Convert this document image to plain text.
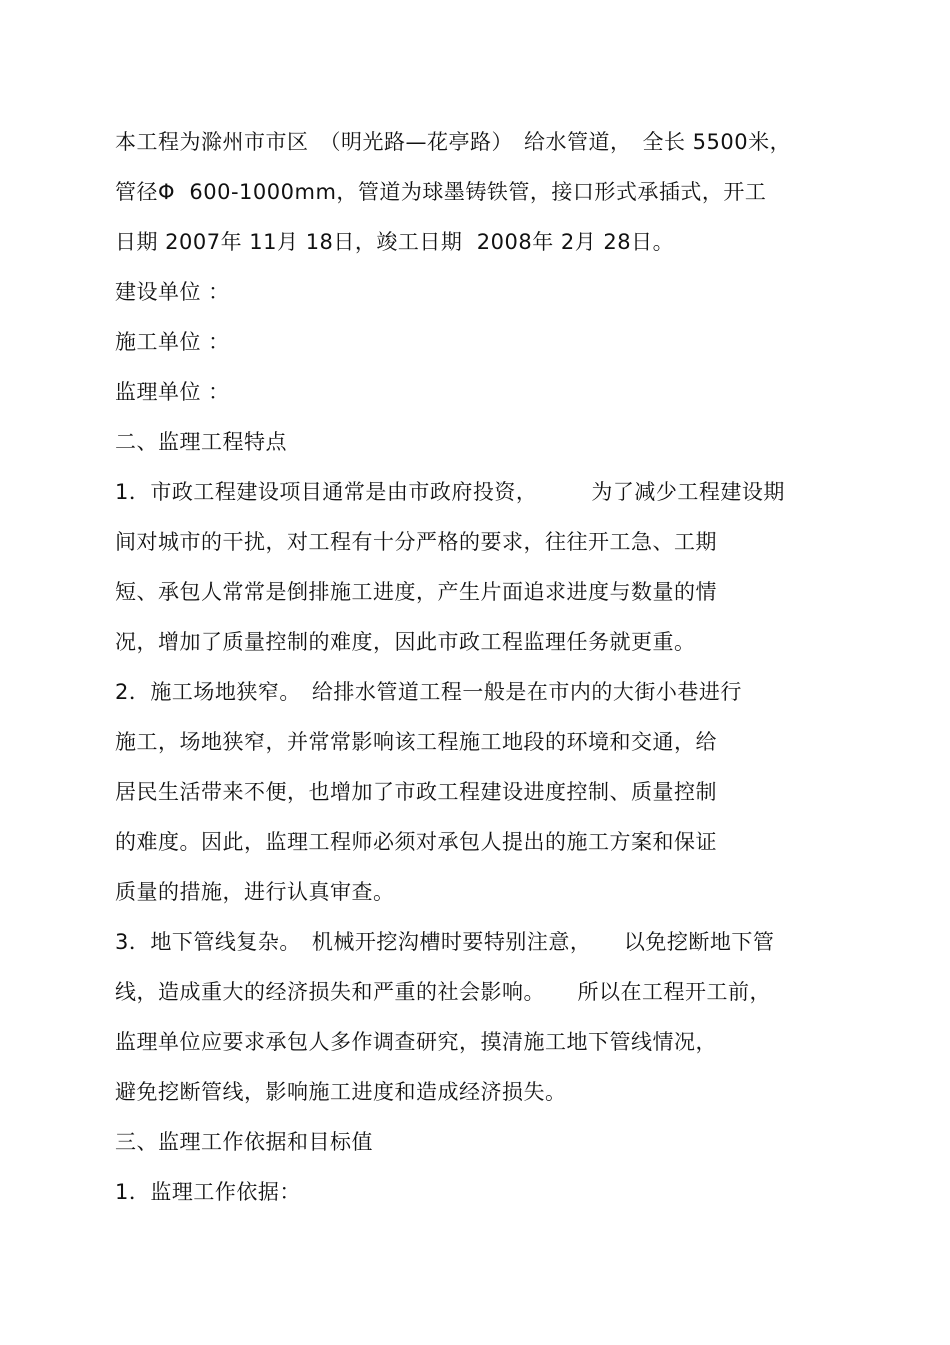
本工程为滁州市市区　（明光路—花亭路）　给水管道，　全长 5500米，
管径Φ  600-1000mm，管道为球墨铸铁管，接口形式承插式，开工
日期 2007年 11月 18日，竣工日期  2008年 2月 28日。
建设单位 ：
施工单位 ：
监理单位 ：
二、监理工程特点
1．市政工程建设项目通常是由市政府投资，　　　为了减少工程建设期
间对城市的干扰，对工程有十分严格的要求，往往开工急、工期
短、承包人常常是倒排施工进度，产生片面追求进度与数量的情
况，增加了质量控制的难度，因此市政工程监理任务就更重。
2．施工场地狭窄。　给排水管道工程一般是在市内的大街小巷进行
施工，场地狭窄，并常常影响该工程施工地段的环境和交通，给
居民生活带来不便，也增加了市政工程建设进度控制、质量控制
的难度。因此，监理工程师必须对承包人提出的施工方案和保证
质量的措施，进行认真审查。
3．地下管线复杂。　机械开挖沟槽时要特别注意，　　以免挖断地下管
线，造成重大的经济损失和严重的社会影响。　　所以在工程开工前，
监理单位应要求承包人多作调查研究，摸清施工地下管线情况，
避免挖断管线，影响施工进度和造成经济损失。
三、监理工作依据和目标值
1．监理工作依据：
